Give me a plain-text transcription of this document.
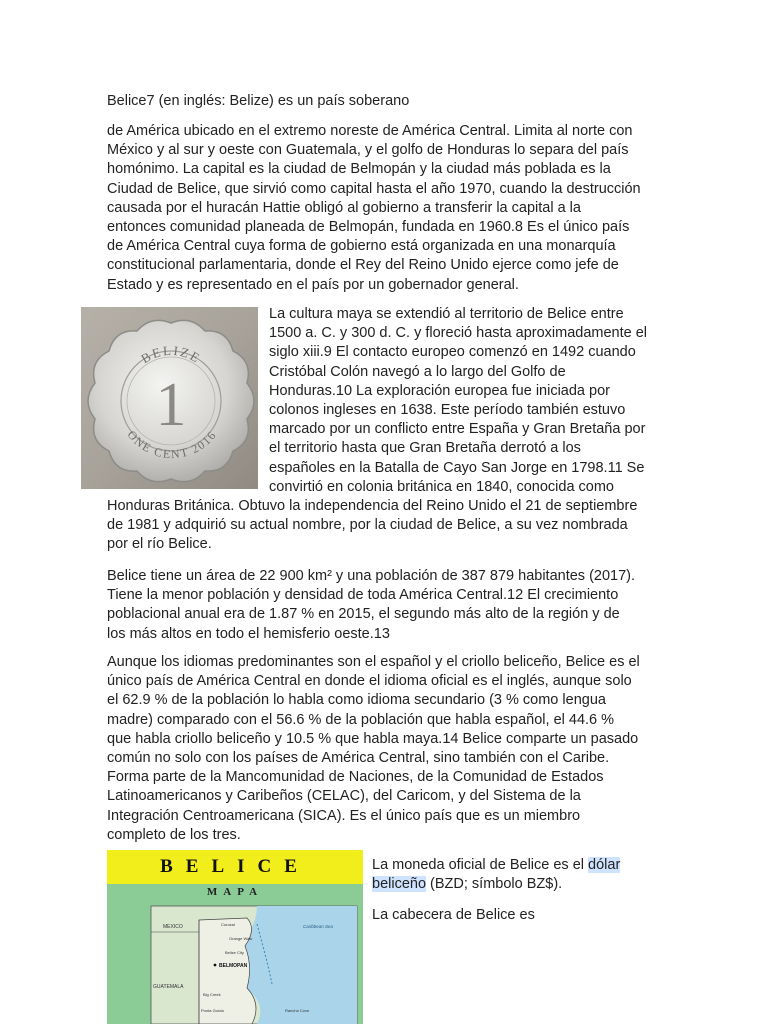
Belice7 (en inglés: Belize) es un país soberano

de América ubicado en el extremo noreste de América Central. Limita al norte con

México y al sur y oeste con Guatemala, y el golfo de Honduras lo separa del país

homónimo. La capital es la ciudad de Belmopán y la ciudad más poblada es la

Ciudad de Belice, que sirvió como capital hasta el año 1970, cuando la destrucción

causada por el huracán Hattie obligó al gobierno a transferir la capital a la

entonces comunidad planeada de Belmopán, fundada en 1960.8 Es el único país

de América Central cuya forma de gobierno está organizada en una monarquía

constitucional parlamentaria, donde el Rey del Reino Unido ejerce como jefe de

Estado y es representado en el país por un gobernador general.

BELIZE
1
ONE CENT 2016

La cultura maya se extendió al territorio de Belice entre

1500 a. C. y 300 d. C. y floreció hasta aproximadamente el

siglo xiii.9 El contacto europeo comenzó en 1492 cuando

Cristóbal Colón navegó a lo largo del Golfo de

Honduras.10 La exploración europea fue iniciada por

colonos ingleses en 1638. Este período también estuvo

marcado por un conflicto entre España y Gran Bretaña por

el territorio hasta que Gran Bretaña derrotó a los

españoles en la Batalla de Cayo San Jorge en 1798.11 Se

convirtió en colonia británica en 1840, conocida como

Honduras Británica. Obtuvo la independencia del Reino Unido el 21 de septiembre

de 1981 y adquirió su actual nombre, por la ciudad de Belice, a su vez nombrada

por el río Belice.

Belice tiene un área de 22 900 km² y una población de 387 879 habitantes (2017).

Tiene la menor población y densidad de toda América Central.12 El crecimiento

poblacional anual era de 1.87 % en 2015, el segundo más alto de la región y de

los más altos en todo el hemisferio oeste.13

Aunque los idiomas predominantes son el español y el criollo beliceño, Belice es el

único país de América Central en donde el idioma oficial es el inglés, aunque solo

el 62.9 % de la población lo habla como idioma secundario (3 % como lengua

madre) comparado con el 56.6 % de la población que habla español, el 44.6 %

que habla criollo beliceño y 10.5 % que habla maya.14 Belice comparte un pasado

común no solo con los países de América Central, sino también con el Caribe.

Forma parte de la Mancomunidad de Naciones, de la Comunidad de Estados

Latinoamericanos y Caribeños (CELAC), del Caricom, y del Sistema de la

Integración Centroamericana (SICA). Es el único país que es un miembro

completo de los tres.

BELICE
MAPA
MEXICO
GUATEMALA
BELMOPAN
Caribbean Sea
Corozal
Orange Walk
Belize City
Big Creek
Punta Gorda	Rancho Cove

La moneda oficial de Belice es el dólar

beliceño (BZD; símbolo BZ$).

La cabecera de Belice es
